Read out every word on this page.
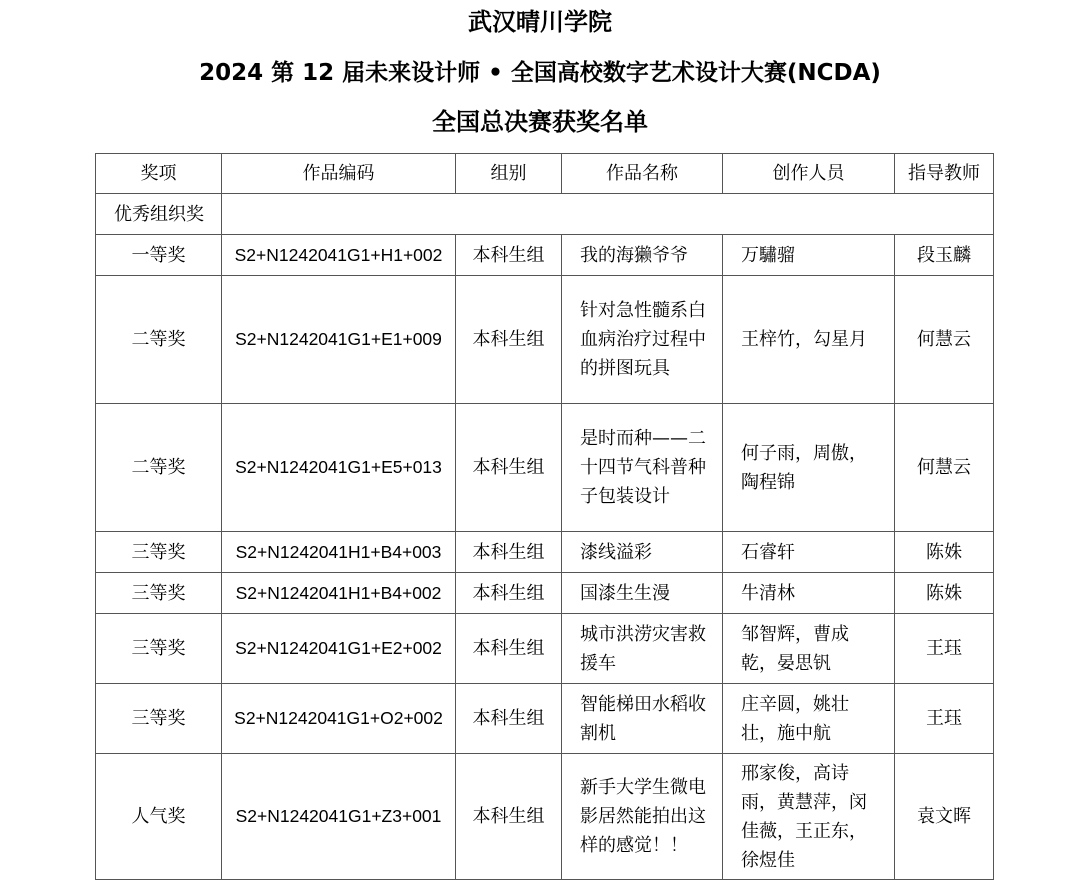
武汉晴川学院
2024 第 12 届未来设计师 • 全国高校数字艺术设计大赛(NCDA)
全国总决赛获奖名单
奖项	作品编码	组别	作品名称	创作人员	指导教师
优秀组织奖					
一等奖	S2+N1242041G1+H1+002	本科生组	我的海獭爷爷	万驌骝	段玉麟
二等奖	S2+N1242041G1+E1+009	本科生组	针对急性髓系白血病治疗过程中的拼图玩具	王梓竹，勾星月	何慧云
二等奖	S2+N1242041G1+E5+013	本科生组	是时而种——二十四节气科普种子包装设计	何子雨，周傲，陶程锦	何慧云
三等奖	S2+N1242041H1+B4+003	本科生组	漆线溢彩	石睿轩	陈姝
三等奖	S2+N1242041H1+B4+002	本科生组	国漆生生漫	牛清林	陈姝
三等奖	S2+N1242041G1+E2+002	本科生组	城市洪涝灾害救援车	邹智辉，曹成乾，晏思钒	王珏
三等奖	S2+N1242041G1+O2+002	本科生组	智能梯田水稻收割机	庄辛圆，姚壮壮，施中航	王珏
人气奖	S2+N1242041G1+Z3+001	本科生组	新手大学生微电影居然能拍出这样的感觉！！	邢家俊，高诗雨，黄慧萍，闵佳薇，王正东，徐煜佳	袁文晖
